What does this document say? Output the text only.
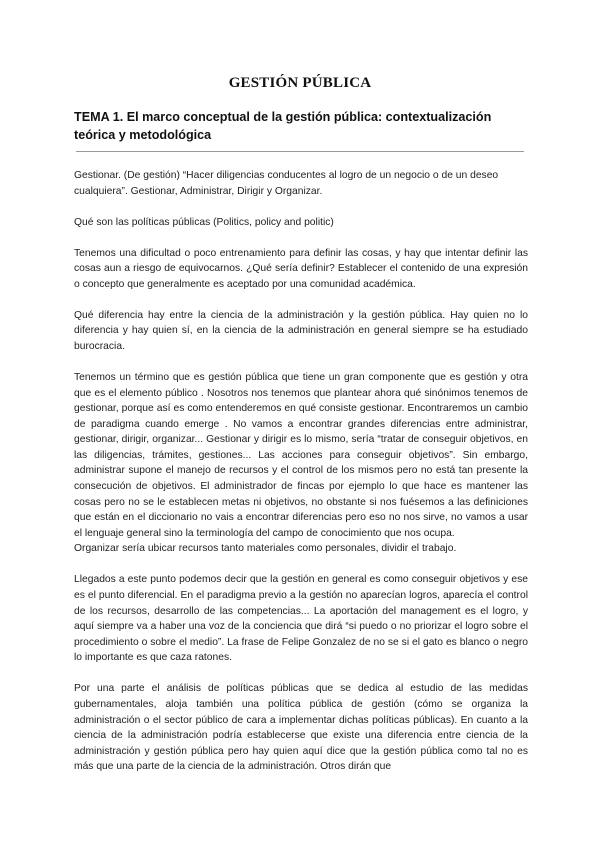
GESTIÓN PÚBLICA
TEMA 1. El marco conceptual de la gestión pública: contextualización teórica y metodológica

Gestionar. (De gestión) “Hacer diligencias conducentes al logro de un negocio o de un deseo cualquiera”. Gestionar, Administrar, Dirigir y Organizar.

Qué son las políticas públicas (Politics, policy and politic)

Tenemos una dificultad o poco entrenamiento para definir las cosas, y hay que intentar definir las cosas aun a riesgo de equivocarnos. ¿Qué sería definir? Establecer el contenido de una expresión o concepto que generalmente es aceptado por una comunidad académica.

Qué diferencia hay entre la ciencia de la administración y la gestión pública. Hay quien no lo diferencia y hay quien sí, en la ciencia de la administración en general siempre se ha estudiado burocracia.

Tenemos un término que es gestión pública que tiene un gran componente que es gestión y otra que es el elemento público . Nosotros nos tenemos que plantear ahora qué sinónimos tenemos de gestionar, porque así es como entenderemos en qué consiste gestionar. Encontraremos un cambio de paradigma cuando emerge . No vamos a encontrar grandes diferencias entre administrar, gestionar, dirigir, organizar... Gestionar y dirigir es lo mismo, sería “tratar de conseguir objetivos, en las diligencias, trámites, gestiones... Las acciones para conseguir objetivos”. Sin embargo, administrar supone el manejo de recursos y el control de los mismos pero no está tan presente la consecución de objetivos. El administrador de fincas por ejemplo lo que hace es mantener las cosas pero no se le establecen metas ni objetivos, no obstante si nos fuésemos a las definiciones que están en el diccionario no vais a encontrar diferencias pero eso no nos sirve, no vamos a usar el lenguaje general sino la terminología del campo de conocimiento que nos ocupa.

Organizar sería ubicar recursos tanto materiales como personales, dividir el trabajo.

Llegados a este punto podemos decir que la gestión en general es como conseguir objetivos y ese es el punto diferencial. En el paradigma previo a la gestión no aparecían logros, aparecía el control de los recursos, desarrollo de las competencias... La aportación del management es el logro, y aquí siempre va a haber una voz de la conciencia que dirá “si puedo o no priorizar el logro sobre el procedimiento o sobre el medio”. La frase de Felipe Gonzalez de no se si el gato es blanco o negro lo importante es que caza ratones.

Por una parte el análisis de políticas públicas que se dedica al estudio de las medidas gubernamentales, aloja también una política pública de gestión (cómo se organiza la administración o el sector público de cara a implementar dichas políticas públicas). En cuanto a la ciencia de la administración podría establecerse que existe una diferencia entre ciencia de la administración y gestión pública pero hay quien aquí dice que la gestión pública como tal no es más que una parte de la ciencia de la administración. Otros dirán que
